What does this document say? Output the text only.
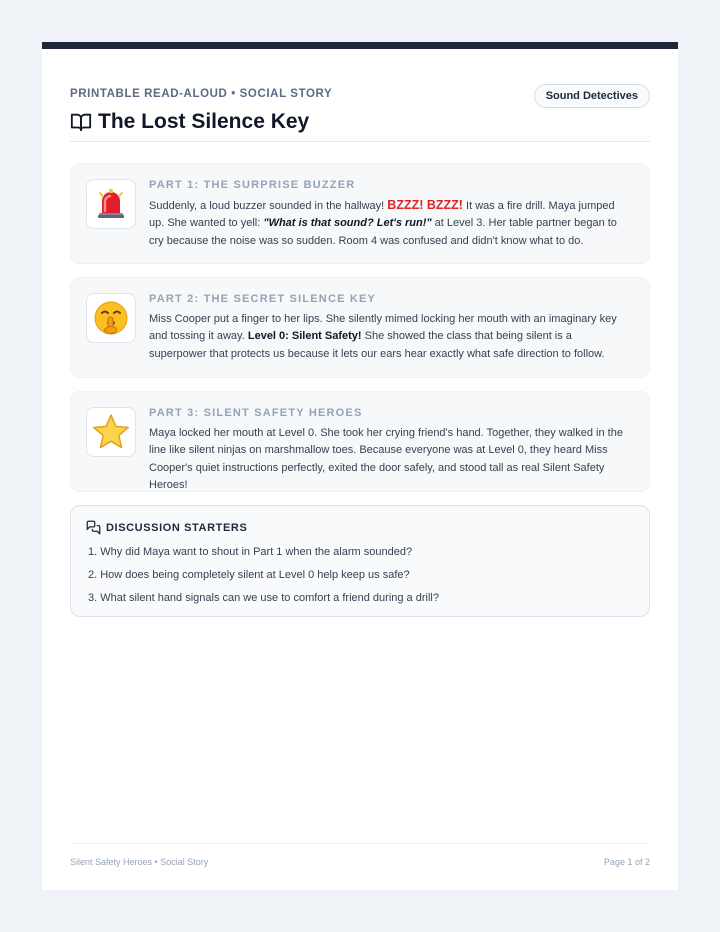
PRINTABLE READ-ALOUD • SOCIAL STORY	Sound Detectives
The Lost Silence Key
PART 1: THE SURPRISE BUZZER

Suddenly, a loud buzzer sounded in the hallway! BZZZ! BZZZ! It was a fire drill. Maya jumped up. She wanted to yell: "What is that sound? Let's run!" at Level 3. Her table partner began to cry because the noise was so sudden. Room 4 was confused and didn't know what to do.

PART 2: THE SECRET SILENCE KEY

Miss Cooper put a finger to her lips. She silently mimed locking her mouth with an imaginary key and tossing it away. Level 0: Silent Safety! She showed the class that being silent is a superpower that protects us because it lets our ears hear exactly what safe direction to follow.

PART 3: SILENT SAFETY HEROES

Maya locked her mouth at Level 0. She took her crying friend's hand. Together, they walked in the line like silent ninjas on marshmallow toes. Because everyone was at Level 0, they heard Miss Cooper's quiet instructions perfectly, exited the door safely, and stood tall as real Silent Safety Heroes!

DISCUSSION STARTERS
1. Why did Maya want to shout in Part 1 when the alarm sounded?
2. How does being completely silent at Level 0 help keep us safe?
3. What silent hand signals can we use to comfort a friend during a drill?
Silent Safety Heroes • Social Story	Page 1 of 2
